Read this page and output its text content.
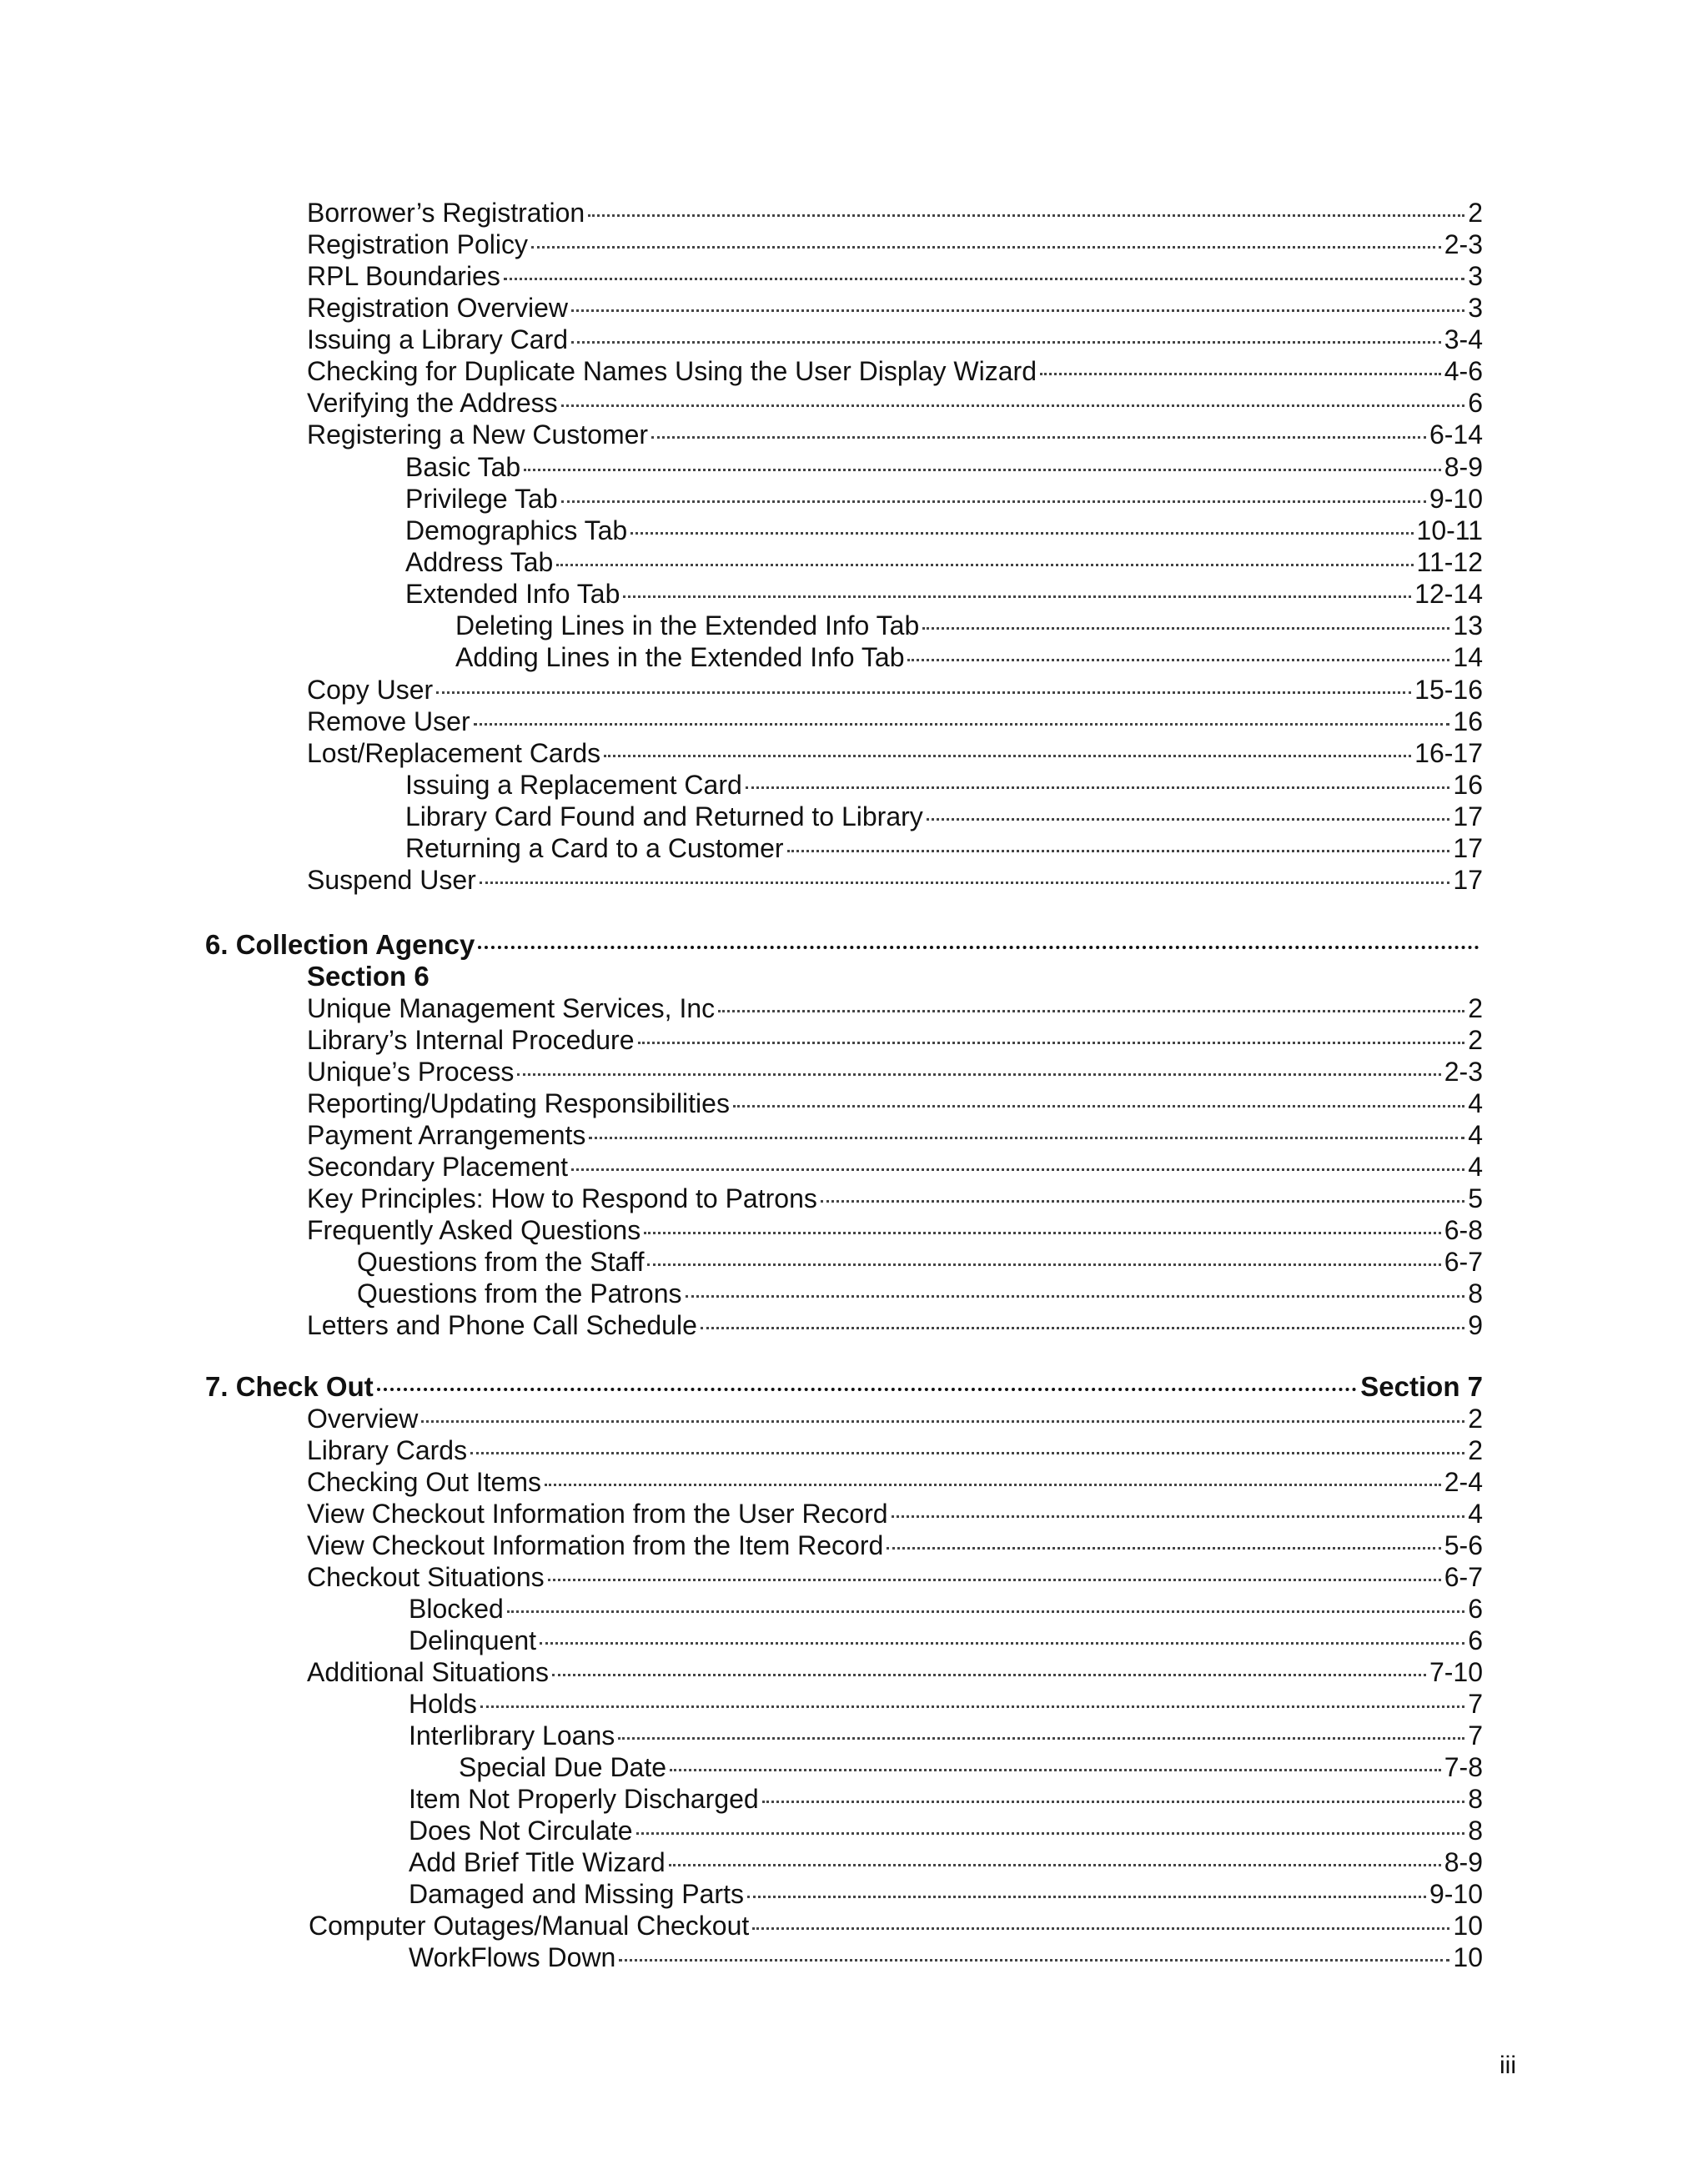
Borrower’s Registration	2
Registration Policy	2-3
RPL Boundaries	3
Registration Overview	3
Issuing a Library Card	3-4
Checking for Duplicate Names Using the User Display Wizard	4-6
Verifying the Address	6
Registering a New Customer	6-14
Basic Tab	8-9
Privilege Tab	9-10
Demographics Tab	10-11
Address Tab	11-12
Extended Info Tab	12-14
Deleting Lines in the Extended Info Tab	13
Adding Lines in the Extended Info Tab	14
Copy User	15-16
Remove User	16
Lost/Replacement Cards	16-17
Issuing a Replacement Card	16
Library Card Found and Returned to Library	17
Returning a Card to a Customer	17
Suspend User	17
6. Collection Agency
Section 6
Unique Management Services, Inc	2
Library’s Internal Procedure	2
Unique’s Process	2-3
Reporting/Updating Responsibilities	4
Payment Arrangements	4
Secondary Placement	4
Key Principles: How to Respond to Patrons	5
Frequently Asked Questions	6-8
Questions from the Staff	6-7
Questions from the Patrons	8
Letters and Phone Call Schedule	9
7. Check Out	Section 7
Overview	2
Library Cards	2
Checking Out Items	2-4
View Checkout Information from the User Record	4
View Checkout Information from the Item Record	5-6
Checkout Situations	6-7
Blocked	6
Delinquent	6
Additional Situations	7-10
Holds	7
Interlibrary Loans	7
Special Due Date	7-8
Item Not Properly Discharged	8
Does Not Circulate	8
Add Brief Title Wizard	8-9
Damaged and Missing Parts	9-10
Computer Outages/Manual Checkout	10
WorkFlows Down	10
iii
